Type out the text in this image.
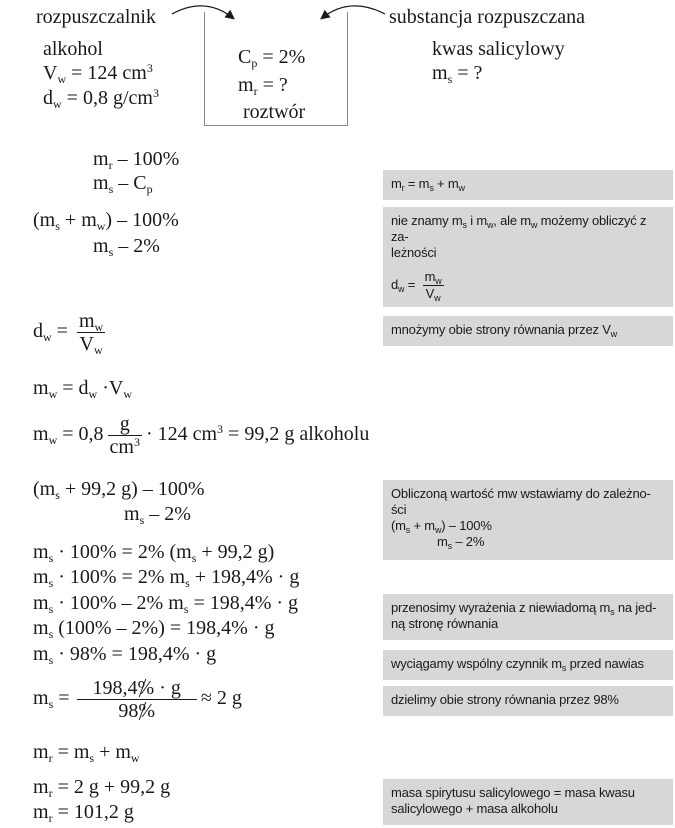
rozpuszczalnik	substancja rozpuszczana
alkohol
$V_w = 124$ $cm^3$
$d_w = 0,8$ $g/cm^3$
kwas salicylowy
$m_s$ = ?
$C_p = 2\%$
$m_r$ = ?
roztwór
$m_r - 100\%$
$m_s - C_p$
$(m_s + m_w) - 100\%$
$m_s - 2\%$
$d_w = \frac{m_w}{V_w}$
$m_w = d_w \cdot V_w$
$m_w = 0,8 \frac{g}{cm^3} \cdot 124$ $cm^3 = 99,2$ g alkoholu
($m_s + 99,2$ g) – 100%
$m_s - 2\%$
$m_s \cdot 100\% = 2\%$ ($m_s + 99,2$ g)
$m_s \cdot 100\% = 2\%$ $m_s + 198,4\% \cdot g$
$m_s \cdot 100\% - 2\%$ $m_s = 198,4\% \cdot g$
$m_s$ (100% – 2%) = 198,4% · g
$m_s \cdot 98\% = 198,4\% \cdot g$
$m_s = \frac{198,4\% \cdot g}{98\%} \approx 2$ g
$m_r = m_s + m_w$
$m_r = 2$ g + 99,2 g
$m_r = 101,2$ g
$m_r = m_s + m_w$
nie znamy $m_s$ i $m_w$, ale $m_w$ możemy obliczyć z za-
leżności
$d_w = \frac{m_w}{V_w}$
mnożymy obie strony równania przez $V_w$
Obliczoną wartość mw wstawiamy do zależno-
ści
$(m_s + m_w) - 100\%$
$m_s - 2\%$
przenosimy wyrażenia z niewiadomą $m_s$ na jed-
ną stronę równania
wyciągamy wspólny czynnik $m_s$ przed nawias
dzielimy obie strony równania przez 98%
masa spirytusu salicylowego = masa kwasu
salicylowego + masa alkoholu
